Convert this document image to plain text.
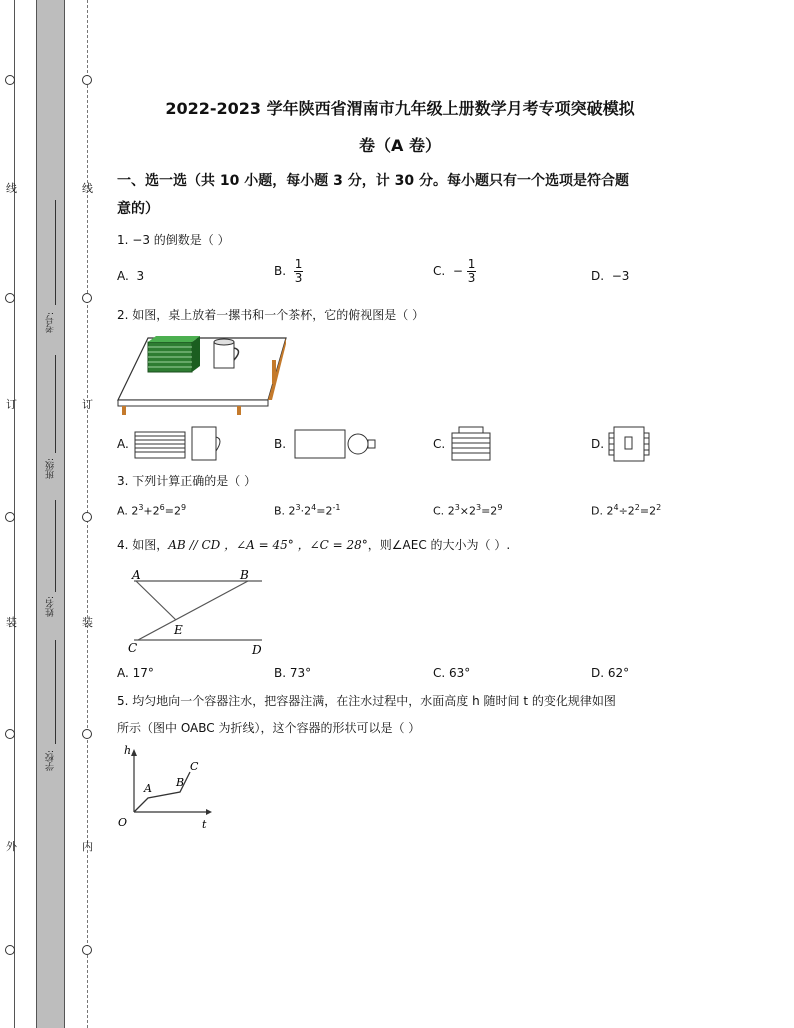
线
订
装
外
线
订
装
内
考号:
班级:
姓名:
学校:
2022-2023 学年陕西省渭南市九年级上册数学月考专项突破模拟
卷（A 卷）
一、选一选（共 10 小题，每小题 3 分，计 30 分。每小题只有一个选项是符合题
意的）
1. −3 的倒数是（ ）
A. 3	B. $\frac{1}{3}$	C. − $\frac{1}{3}$	D. −3
2. 如图，桌上放着一摞书和一个茶杯，它的俯视图是（ ）
A.	B.	C.	D.
3. 下列计算正确的是（ ）
A. $2^3+2^6=2^9$	B. $2^3\cdot 2^4=2^{-1}$	C. $2^3\times 2^3=2^9$	D. $2^4\div 2^2=2^2$
4. 如图，AB // CD ，∠A = 45° ，∠C = 28°，则∠AEC 的大小为（ ）.
A	B
C	D
E
A. 17°	B. 73°	C. 63°	D. 62°
5. 均匀地向一个容器注水，把容器注满，在注水过程中，水面高度 h 随时间 t 的变化规律如图
所示（图中 OABC 为折线），这个容器的形状可以是（ ）
h
t
O
A B
C
